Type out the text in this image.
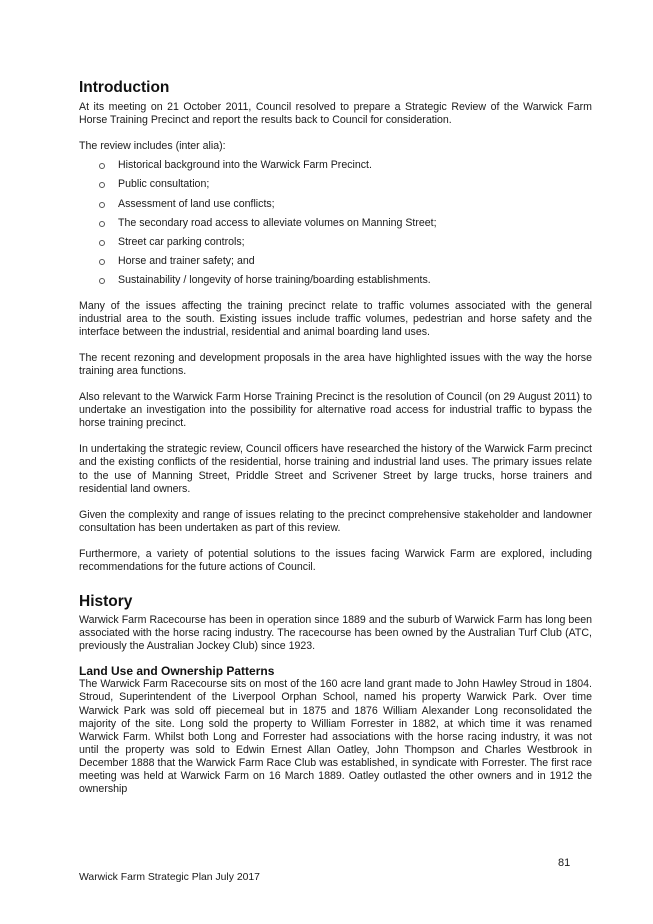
Introduction

At its meeting on 21 October 2011, Council resolved to prepare a Strategic Review of the Warwick Farm Horse Training Precinct and report the results back to Council for consideration.

The review includes (inter alia):

Historical background into the Warwick Farm Precinct.
Public consultation;
Assessment of land use conflicts;
The secondary road access to alleviate volumes on Manning Street;
Street car parking controls;
Horse and trainer safety; and
Sustainability / longevity of horse training/boarding establishments.

Many of the issues affecting the training precinct relate to traffic volumes associated with the general industrial area to the south. Existing issues include traffic volumes, pedestrian and horse safety and the interface between the industrial, residential and animal boarding land uses.

The recent rezoning and development proposals in the area have highlighted issues with the way the horse training area functions.

Also relevant to the Warwick Farm Horse Training Precinct is the resolution of Council (on 29 August 2011) to undertake an investigation into the possibility for alternative road access for industrial traffic to bypass the horse training precinct.

In undertaking the strategic review, Council officers have researched the history of the Warwick Farm precinct and the existing conflicts of the residential, horse training and industrial land uses. The primary issues relate to the use of Manning Street, Priddle Street and Scrivener Street by large trucks, horse trainers and residential land owners.

Given the complexity and range of issues relating to the precinct comprehensive stakeholder and landowner consultation has been undertaken as part of this review.

Furthermore, a variety of potential solutions to the issues facing Warwick Farm are explored, including recommendations for the future actions of Council.

History

Warwick Farm Racecourse has been in operation since 1889 and the suburb of Warwick Farm has long been associated with the horse racing industry. The racecourse has been owned by the Australian Turf Club (ATC, previously the Australian Jockey Club) since 1923.

Land Use and Ownership Patterns

The Warwick Farm Racecourse sits on most of the 160 acre land grant made to John Hawley Stroud in 1804. Stroud, Superintendent of the Liverpool Orphan School, named his property Warwick Park. Over time Warwick Park was sold off piecemeal but in 1875 and 1876 William Alexander Long reconsolidated the majority of the site. Long sold the property to William Forrester in 1882, at which time it was renamed Warwick Farm. Whilst both Long and Forrester had associations with the horse racing industry, it was not until the property was sold to Edwin Ernest Allan Oatley, John Thompson and Charles Westbrook in December 1888 that the Warwick Farm Race Club was established, in syndicate with Forrester. The first race meeting was held at Warwick Farm on 16 March 1889. Oatley outlasted the other owners and in 1912 the ownership

81
Warwick Farm Strategic Plan July 2017
